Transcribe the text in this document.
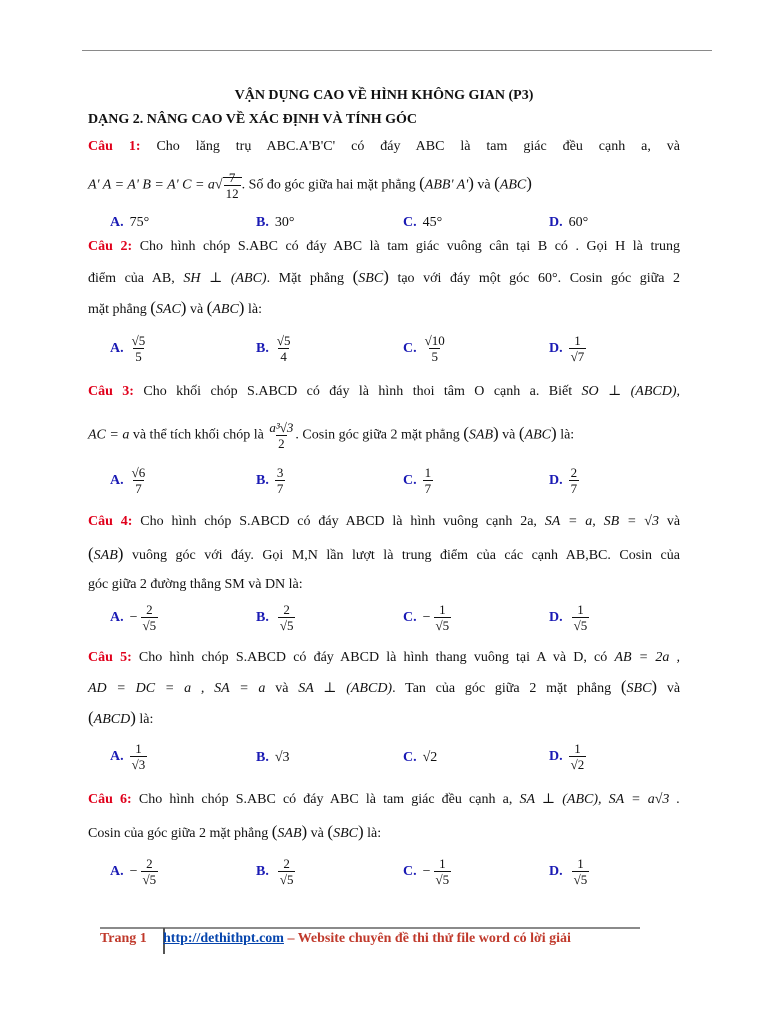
VẬN DỤNG CAO VỀ HÌNH KHÔNG GIAN (P3)
DẠNG 2. NÂNG CAO VỀ XÁC ĐỊNH VÀ TÍNH GÓC
Câu 1: Cho lăng trụ ABC.A'B'C' có đáy ABC là tam giác đều cạnh a, và
A' A = A' B = A' $C = a√ \frac{7}{12}$ . Số đo góc giữa hai mặt phẳng (ABB' A') và (ABC)
A. 75°	B. 30°	C. 45°	D. 60°
Câu 2: Cho hình chóp S.ABC có đáy ABC là tam giác vuông cân tại B có . Gọi H là trung
điểm của AB, SH ⊥ (ABC). Mặt phẳng (SBC) tạo với đáy một góc 60°. Cosin góc giữa 2
mặt phẳng (SAC) và (ABC) là:
A. $\frac{√5}{5}$	B. $\frac{√5}{4}$	C. $\frac{√10}{5}$	D. $\frac{1}{√7}$
Câu 3: Cho khối chóp S.ABCD có đáy là hình thoi tâm O cạnh a. Biết SO ⊥ (ABCD),
AC = a và thể tích khối chóp là $\frac{\text{a³√3}}{2}$ . Cosin góc giữa 2 mặt phẳng (SAB) và (ABC) là:
A. $\frac{√6}{7}$	B. $\frac{3}{7}$	C. $\frac{1}{7}$	D. $\frac{2}{7}$
Câu 4: Cho hình chóp S.ABCD có đáy ABCD là hình vuông cạnh 2a, SA = a, SB = √3 và
(SAB) vuông góc với đáy. Gọi M,N lần lượt là trung điểm của các cạnh AB,BC. Cosin của
góc giữa 2 đường thẳng SM và DN là:
A. − $\frac{2}{√5}$	B. $\frac{2}{√5}$	C. − $\frac{1}{√5}$	D. $\frac{1}{√5}$
Câu 5: Cho hình chóp S.ABCD có đáy ABCD là hình thang vuông tại A và D, có AB = 2a ,
AD = DC = a , SA = a và SA ⊥ (ABCD). Tan của góc giữa 2 mặt phẳng (SBC) và
(ABCD) là:
A. $\frac{1}{√3}$	B. √3	C. √2	D. $\frac{1}{√2}$
Câu 6: Cho hình chóp S.ABC có đáy ABC là tam giác đều cạnh a, SA ⊥ (ABC), SA = a√3 .
Cosin của góc giữa 2 mặt phẳng (SAB) và (SBC) là:
A. − $\frac{2}{√5}$	B. $\frac{2}{√5}$	C. − $\frac{1}{√5}$	D. $\frac{1}{√5}$
Trang 1 http://dethithpt.com – Website chuyên đề thi thử file word có lời giải
